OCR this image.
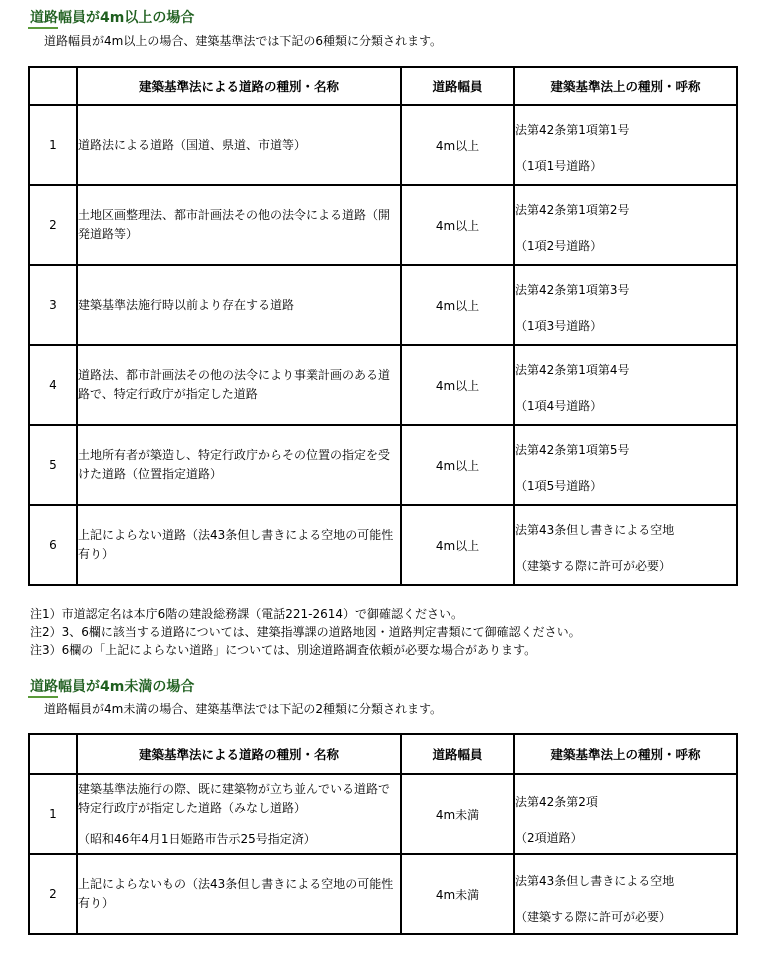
道路幅員が4m以上の場合
道路幅員が4m以上の場合、建築基準法では下記の6種類に分類されます。
	建築基準法による道路の種別・名称	道路幅員	建築基準法上の種別・呼称
1	道路法による道路（国道、県道、市道等）	4m以上	法第42条第1項第1号
（1項1号道路）

2	土地区画整理法、都市計画法その他の法令による道路（開発道路等）	4m以上	法第42条第1項第2号
（1項2号道路）

3	建築基準法施行時以前より存在する道路	4m以上	法第42条第1項第3号
（1項3号道路）

4	道路法、都市計画法その他の法令により事業計画のある道路で、特定行政庁が指定した道路	4m以上	法第42条第1項第4号
（1項4号道路）

5	土地所有者が築造し、特定行政庁からその位置の指定を受けた道路（位置指定道路）	4m以上	法第42条第1項第5号
（1項5号道路）

6	上記によらない道路（法43条但し書きによる空地の可能性有り）	4m以上	法第43条但し書きによる空地
（建築する際に許可が必要）
注1）市道認定名は本庁6階の建設総務課（電話221-2614）で御確認ください。
注2）3、6欄に該当する道路については、建築指導課の道路地図・道路判定書類にて御確認ください。
注3）6欄の「上記によらない道路」については、別途道路調査依頼が必要な場合があります。
道路幅員が4m未満の場合
道路幅員が4m未満の場合、建築基準法では下記の2種類に分類されます。
	建築基準法による道路の種別・名称	道路幅員	建築基準法上の種別・呼称
1	建築基準法施行の際、既に建築物が立ち並んでいる道路で特定行政庁が指定した道路（みなし道路）
（昭和46年4月1日姫路市告示25号指定済）	4m未満	法第42条第2項
（2項道路）

2	上記によらないもの（法43条但し書きによる空地の可能性有り）	4m未満	法第43条但し書きによる空地
（建築する際に許可が必要）
